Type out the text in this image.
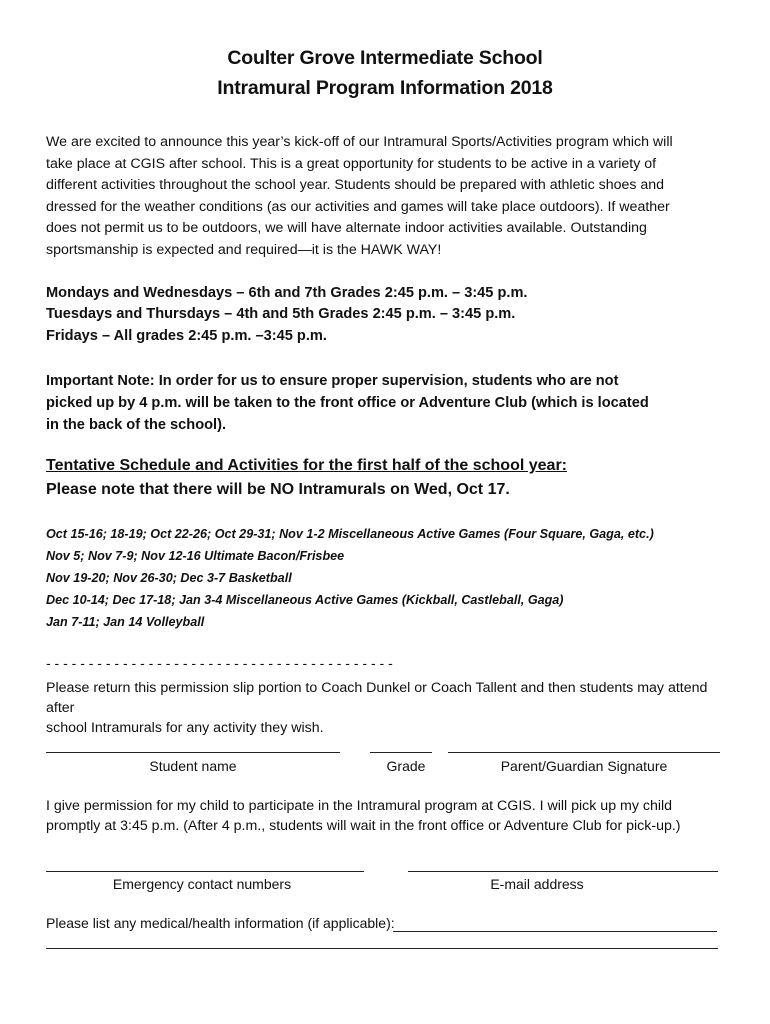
Coulter Grove Intermediate School
Intramural Program Information 2018
We are excited to announce this year’s kick-off of our Intramural Sports/Activities program which will
take place at CGIS after school. This is a great opportunity for students to be active in a variety of
different activities throughout the school year. Students should be prepared with athletic shoes and
dressed for the weather conditions (as our activities and games will take place outdoors). If weather
does not permit us to be outdoors, we will have alternate indoor activities available. Outstanding
sportsmanship is expected and required—it is the HAWK WAY!
Mondays and Wednesdays – 6th and 7th Grades 2:45 p.m. – 3:45 p.m.
Tuesdays and Thursdays – 4th and 5th Grades 2:45 p.m. – 3:45 p.m.
Fridays – All grades 2:45 p.m. –3:45 p.m.
Important Note: In order for us to ensure proper supervision, students who are not
picked up by 4 p.m. will be taken to the front office or Adventure Club (which is located
in the back of the school).
Tentative Schedule and Activities for the first half of the school year:
Please note that there will be NO Intramurals on Wed, Oct 17.
Oct 15-16; 18-19; Oct 22-26; Oct 29-31; Nov 1-2 Miscellaneous Active Games (Four Square, Gaga, etc.)
Nov 5; Nov 7-9; Nov 12-16 Ultimate Bacon/Frisbee
Nov 19-20; Nov 26-30; Dec 3-7 Basketball
Dec 10-14; Dec 17-18; Jan 3-4 Miscellaneous Active Games (Kickball, Castleball, Gaga)
Jan 7-11; Jan 14 Volleyball
- - - - - - - - - - - - - - - - - - - - - - - - - - - - - - - - - - - - - - - - -
Please return this permission slip portion to Coach Dunkel or Coach Tallent and then students may attend after
school Intramurals for any activity they wish.
Student name	Grade	Parent/Guardian Signature
I give permission for my child to participate in the Intramural program at CGIS. I will pick up my child
promptly at 3:45 p.m. (After 4 p.m., students will wait in the front office or Adventure Club for pick-up.)
Emergency contact numbers	E-mail address
Please list any medical/health information (if applicable):
